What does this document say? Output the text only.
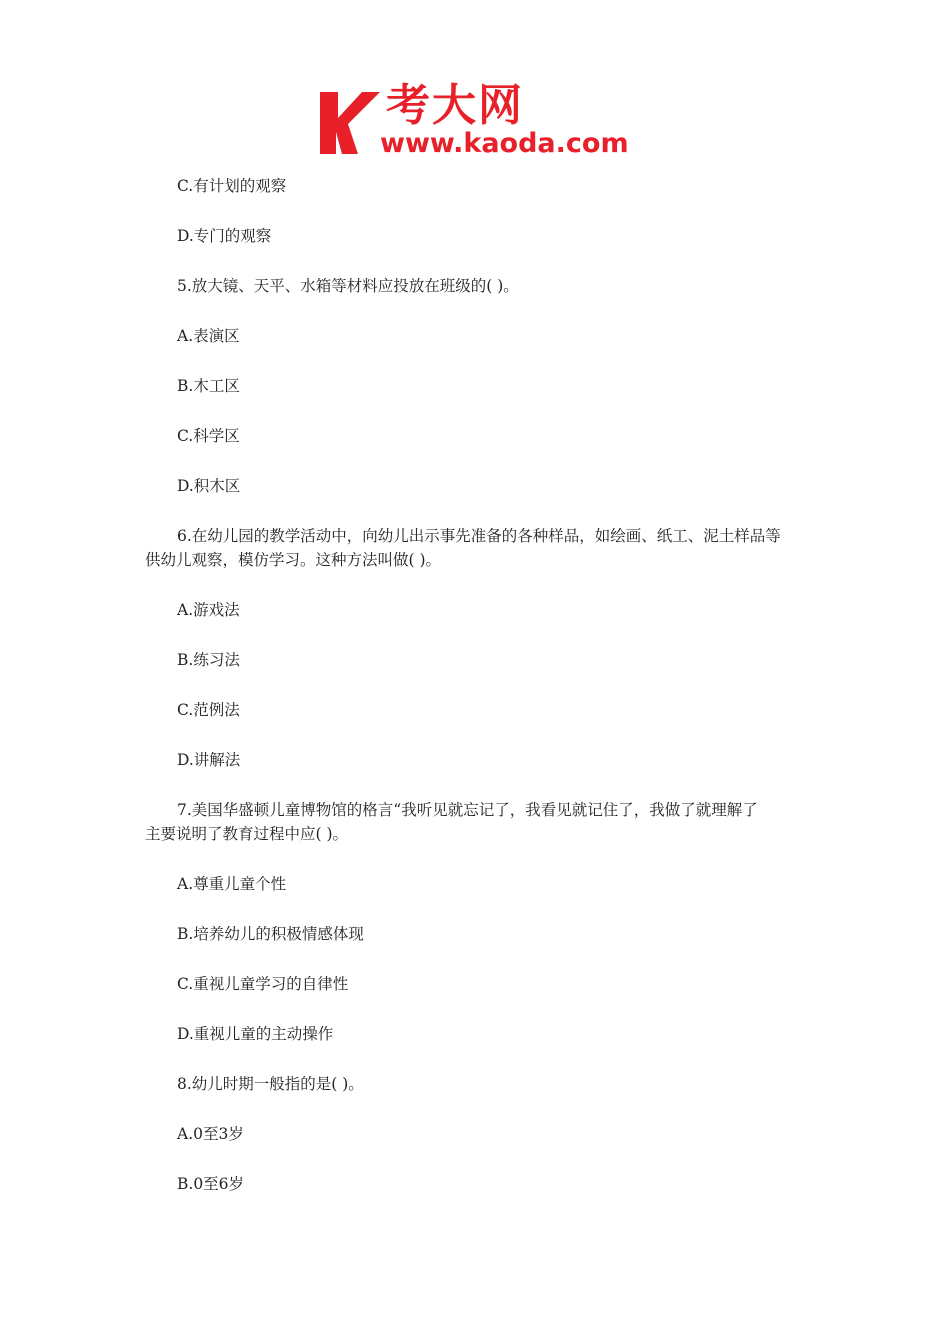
考大网
www.kaoda.com

C.有计划的观察

D.专门的观察

5.放大镜、天平、水箱等材料应投放在班级的( )。

A.表演区

B.木工区

C.科学区

D.积木区

6.在幼儿园的教学活动中，向幼儿出示事先准备的各种样品，如绘画、纸工、泥土样品等

供幼儿观察，模仿学习。这种方法叫做( )。

A.游戏法

B.练习法

C.范例法

D.讲解法

7.美国华盛顿儿童博物馆的格言“我听见就忘记了，我看见就记住了，我做了就理解了

主要说明了教育过程中应( )。

A.尊重儿童个性

B.培养幼儿的积极情感体现

C.重视儿童学习的自律性

D.重视儿童的主动操作

8.幼儿时期一般指的是( )。

A.0至3岁

B.0至6岁
